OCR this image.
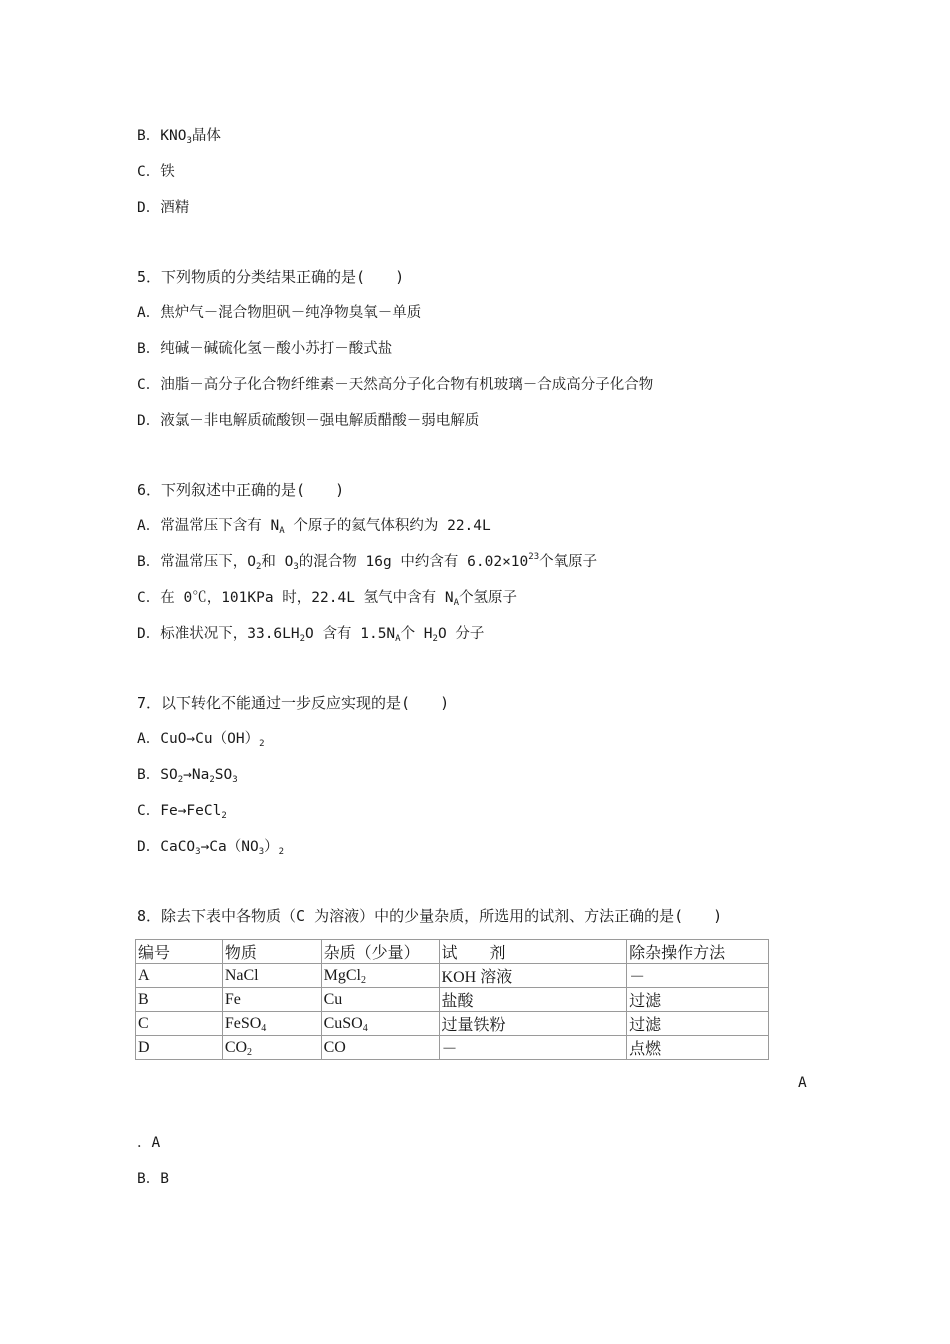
B．$KNO_3$晶体
C．铁
D．酒精
5．下列物质的分类结果正确的是(　　)
A．焦炉气－混合物胆矾－纯净物臭氧－单质
B．纯碱－碱硫化氢－酸小苏打－酸式盐
C．油脂－高分子化合物纤维素－天然高分子化合物有机玻璃－合成高分子化合物
D．液氯－非电解质硫酸钡－强电解质醋酸－弱电解质
6．下列叙述中正确的是(　　)
A．常温常压下含有 $N_A$ 个原子的氦气体积约为 22.4L
B．常温常压下，$O_2$和 $O_3$的混合物 16g 中约含有 $6.02\times 10^{23}$个氧原子
C．在 0℃，101KPa 时，22.4L 氢气中含有 $N_A$个氢原子
D．标准状况下，$33.6LH_2O$ 含有 $1.5N_A$个 $H_2O$ 分子
7．以下转化不能通过一步反应实现的是(　　)
A．$CuO\to Cu(OH)_2$
B．$SO_2\to Na_2SO_3$
C．Fe→FeCl$_2$
D．$CaCO_3\to Ca(NO_3)_2$
8．除去下表中各物质（C 为溶液）中的少量杂质，所选用的试剂、方法正确的是(　　)
编号	物质	杂质（少量）	试　　剂	除杂操作方法
A	NaCl	MgCl$_2$	KOH 溶液	－
B	Fe	Cu	盐酸	过滤
C	FeSO$_4$	CuSO$_4$	过量铁粉	过滤
D	$CO_2$	CO	－	点燃
A
．A
B．B
